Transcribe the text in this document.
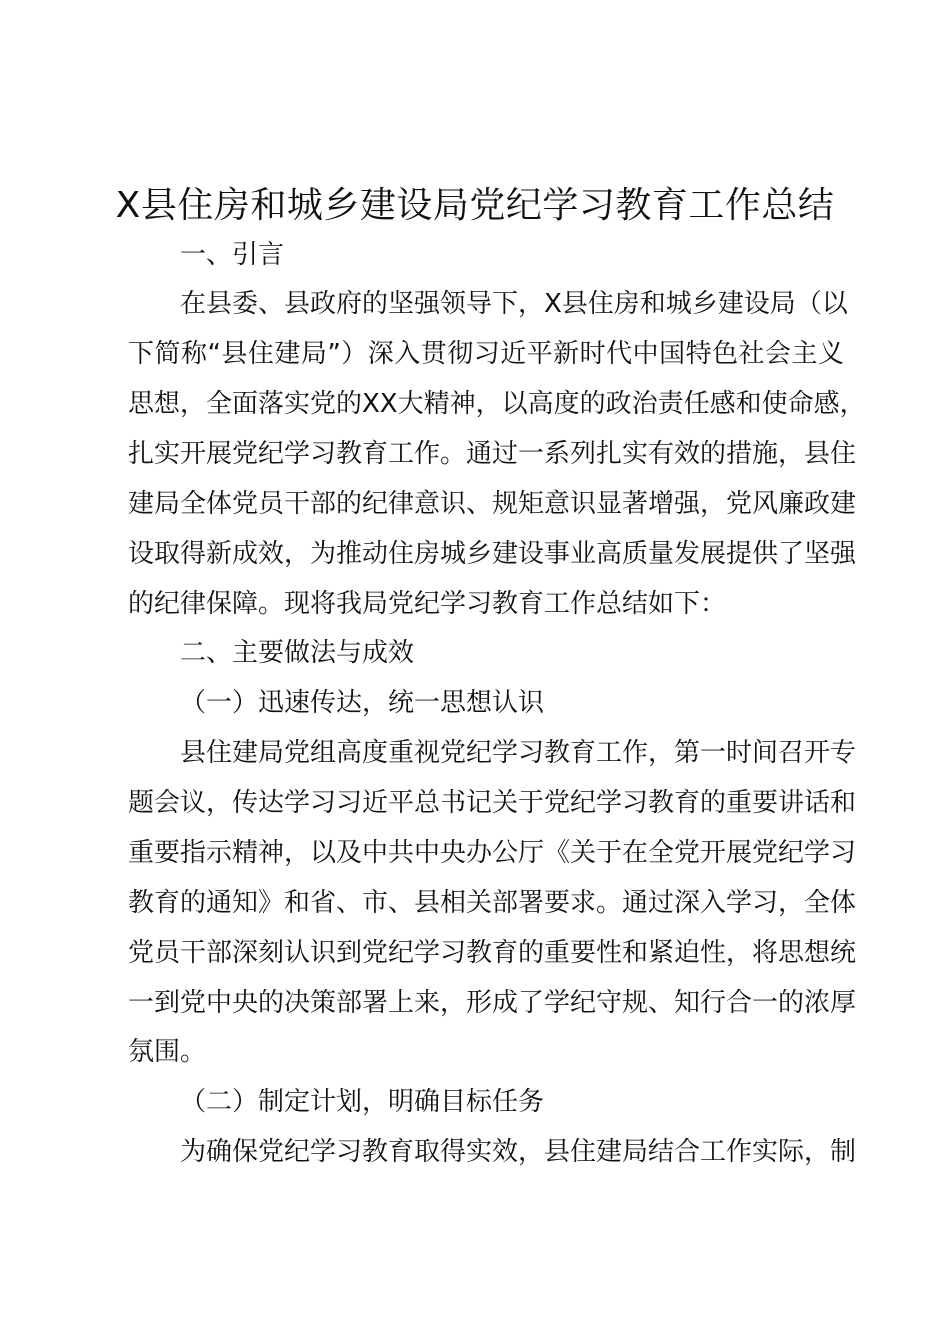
X县住房和城乡建设局党纪学习教育工作总结

一、引言

在县委、县政府的坚强领导下，X县住房和城乡建设局（以

下简称“县住建局”）深入贯彻习近平新时代中国特色社会主义

思想，全面落实党的XX大精神，以高度的政治责任感和使命感，

扎实开展党纪学习教育工作。通过一系列扎实有效的措施，县住

建局全体党员干部的纪律意识、规矩意识显著增强，党风廉政建

设取得新成效，为推动住房城乡建设事业高质量发展提供了坚强

的纪律保障。现将我局党纪学习教育工作总结如下：

二、主要做法与成效

（一）迅速传达，统一思想认识

县住建局党组高度重视党纪学习教育工作，第一时间召开专

题会议，传达学习习近平总书记关于党纪学习教育的重要讲话和

重要指示精神，以及中共中央办公厅《关于在全党开展党纪学习

教育的通知》和省、市、县相关部署要求。通过深入学习，全体

党员干部深刻认识到党纪学习教育的重要性和紧迫性，将思想统

一到党中央的决策部署上来，形成了学纪守规、知行合一的浓厚

氛围。

（二）制定计划，明确目标任务

为确保党纪学习教育取得实效，县住建局结合工作实际，制
